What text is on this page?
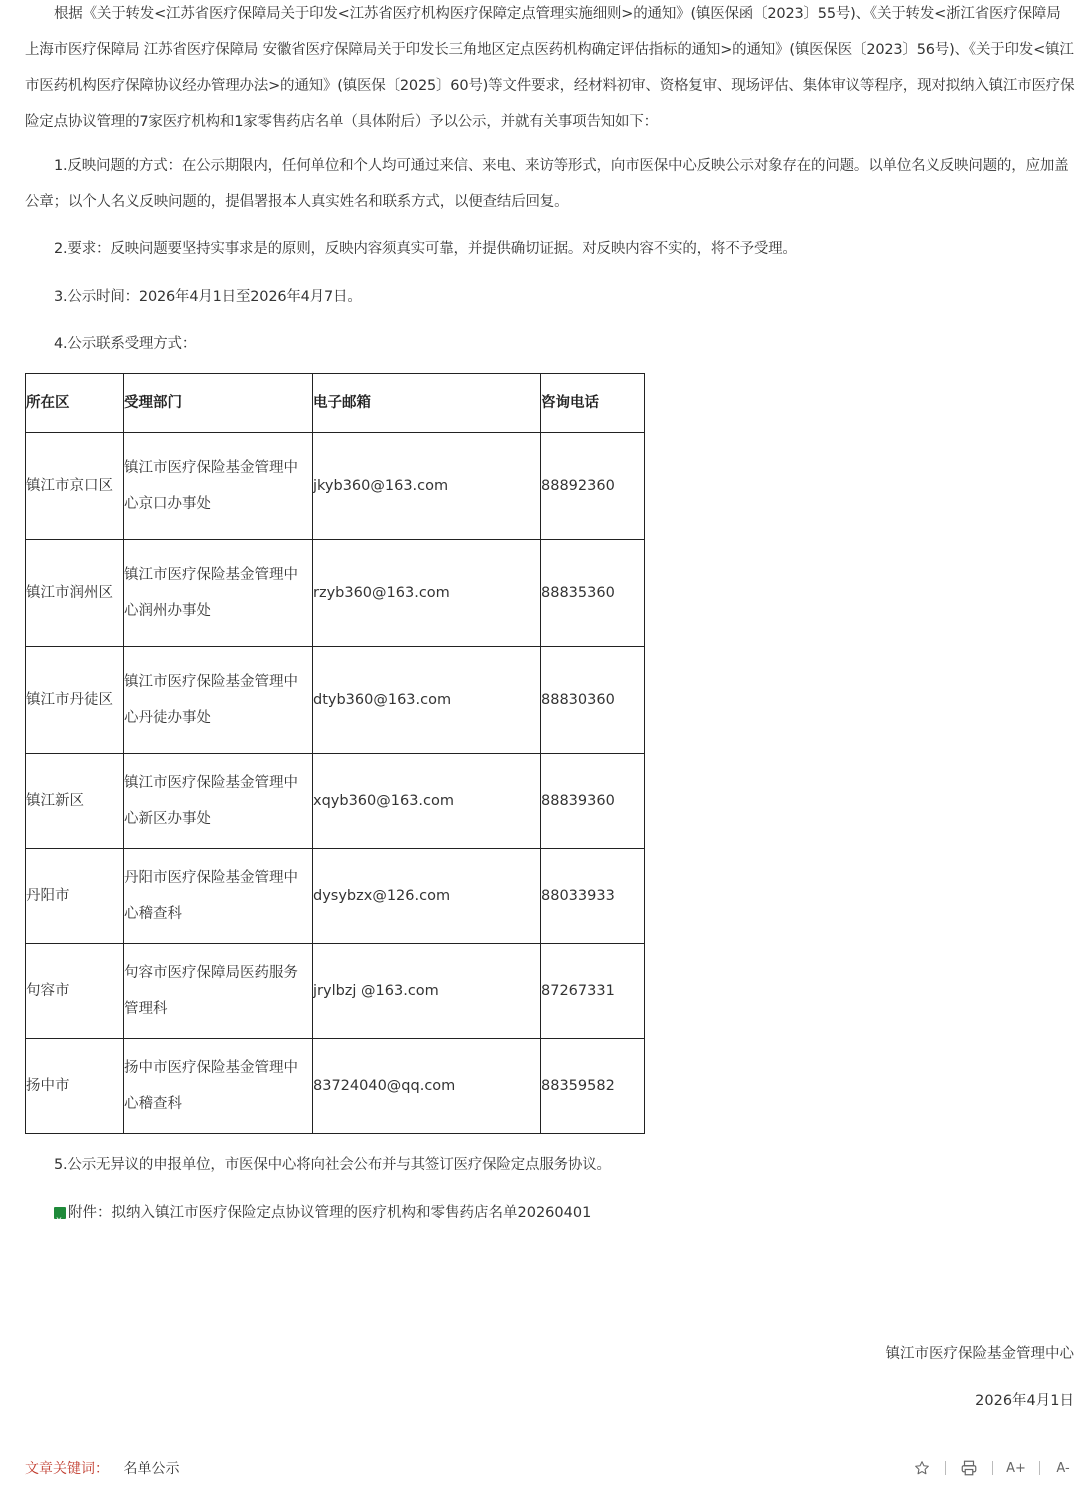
根据《关于转发<江苏省医疗保障局关于印发<江苏省医疗机构医疗保障定点管理实施细则>的通知》(镇医保函〔2023〕55号)、《关于转发<浙江省医疗保障局 上海市医疗保障局 江苏省医疗保障局 安徽省医疗保障局关于印发长三角地区定点医药机构确定评估指标的通知>的通知》(镇医保医〔2023〕56号)、《关于印发<镇江市医药机构医疗保障协议经办管理办法>的通知》(镇医保〔2025〕60号)等文件要求，经材料初审、资格复审、现场评估、集体审议等程序，现对拟纳入镇江市医疗保险定点协议管理的7家医疗机构和1家零售药店名单（具体附后）予以公示，并就有关事项告知如下：

1.反映问题的方式：在公示期限内，任何单位和个人均可通过来信、来电、来访等形式，向市医保中心反映公示对象存在的问题。以单位名义反映问题的，应加盖公章；以个人名义反映问题的，提倡署报本人真实姓名和联系方式，以便查结后回复。

2.要求：反映问题要坚持实事求是的原则，反映内容须真实可靠，并提供确切证据。对反映内容不实的，将不予受理。

3.公示时间：2026年4月1日至2026年4月7日。

4.公示联系受理方式：

所在区	受理部门	电子邮箱	咨询电话
镇江市京口区	镇江市医疗保险基金管理中心京口办事处	jkyb360@163.com	88892360
镇江市润州区	镇江市医疗保险基金管理中心润州办事处	rzyb360@163.com	88835360
镇江市丹徒区	镇江市医疗保险基金管理中心丹徒办事处	dtyb360@163.com	88830360
镇江新区	镇江市医疗保险基金管理中心新区办事处	xqyb360@163.com	88839360
丹阳市	丹阳市医疗保险基金管理中心稽查科	dysybzx@126.com	88033933
句容市	句容市医疗保障局医药服务管理科	jrylbzj @163.com	87267331
扬中市	扬中市医疗保险基金管理中心稽查科	83724040@qq.com	88359582

5.公示无异议的申报单位，市医保中心将向社会公布并与其签订医疗保险定点服务协议。

x
附件：拟纳入镇江市医疗保险定点协议管理的医疗机构和零售药店名单20260401
镇江市医疗保险基金管理中心
2026年4月1日
文章关键词： 名单公示	A+ A-
